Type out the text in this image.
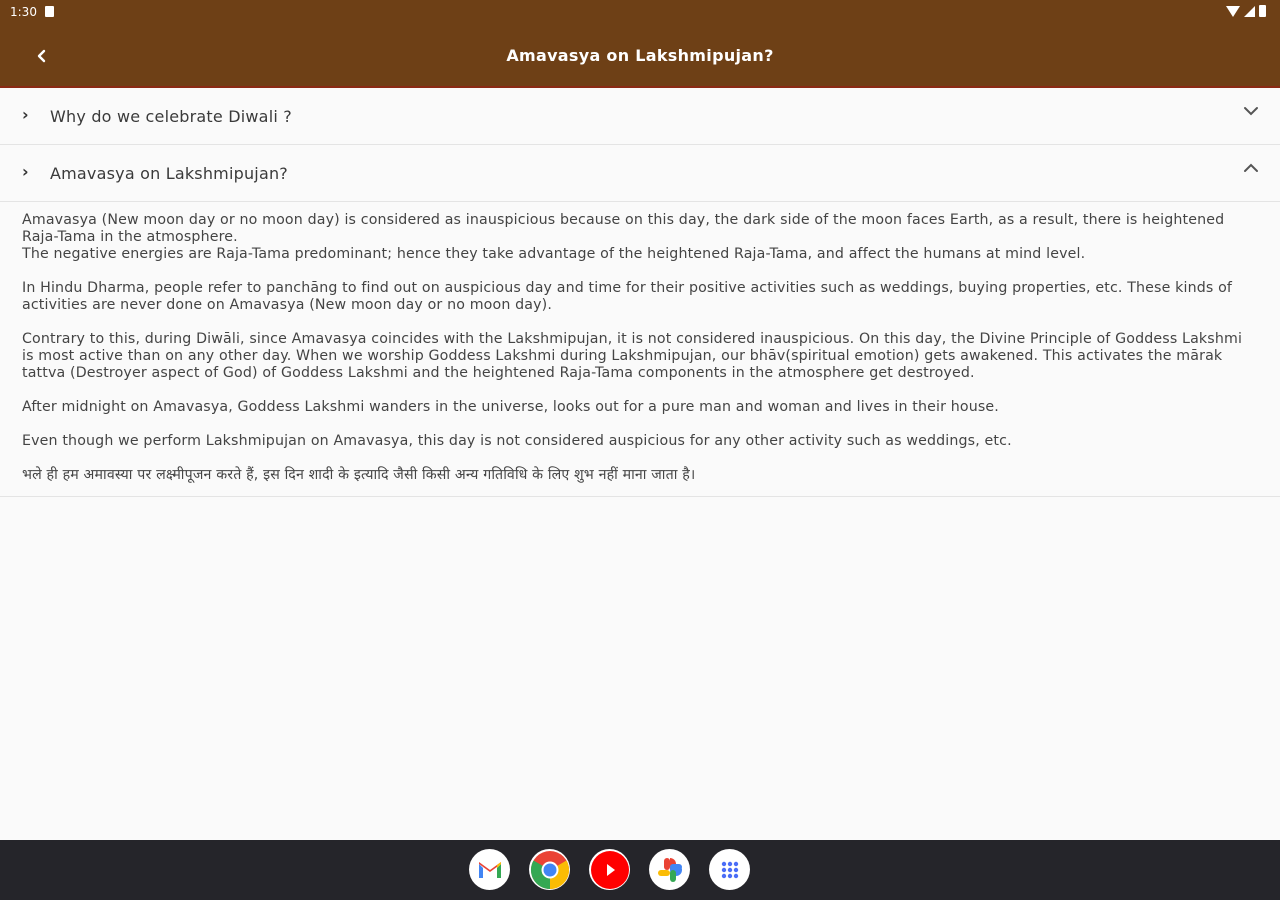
1:30
Amavasya on Lakshmipujan?
› Why do we celebrate Diwali ?
› Amavasya on Lakshmipujan?

Amavasya (New moon day or no moon day) is considered as inauspicious because on this day, the dark side of the moon faces Earth, as a result, there is heightened Raja-Tama in the atmosphere.
The negative energies are Raja-Tama predominant; hence they take advantage of the heightened Raja-Tama, and affect the humans at mind level.

In Hindu Dharma, people refer to panchāng to find out on auspicious day and time for their positive activities such as weddings, buying properties, etc. These kinds of activities are never done on Amavasya (New moon day or no moon day).

Contrary to this, during Diwāli, since Amavasya coincides with the Lakshmipujan, it is not considered inauspicious. On this day, the Divine Principle of Goddess Lakshmi is most active than on any other day. When we worship Goddess Lakshmi during Lakshmipujan, our bhāv(spiritual emotion) gets awakened. This activates the mārak tattva (Destroyer aspect of God) of Goddess Lakshmi and the heightened Raja-Tama components in the atmosphere get destroyed.

After midnight on Amavasya, Goddess Lakshmi wanders in the universe, looks out for a pure man and woman and lives in their house.

Even though we perform Lakshmipujan on Amavasya, this day is not considered auspicious for any other activity such as weddings, etc.

भले ही हम अमावस्या पर लक्ष्मीपूजन करते हैं, इस दिन शादी के इत्यादि जैसी किसी अन्य गतिविधि के लिए शुभ नहीं माना जाता है।
